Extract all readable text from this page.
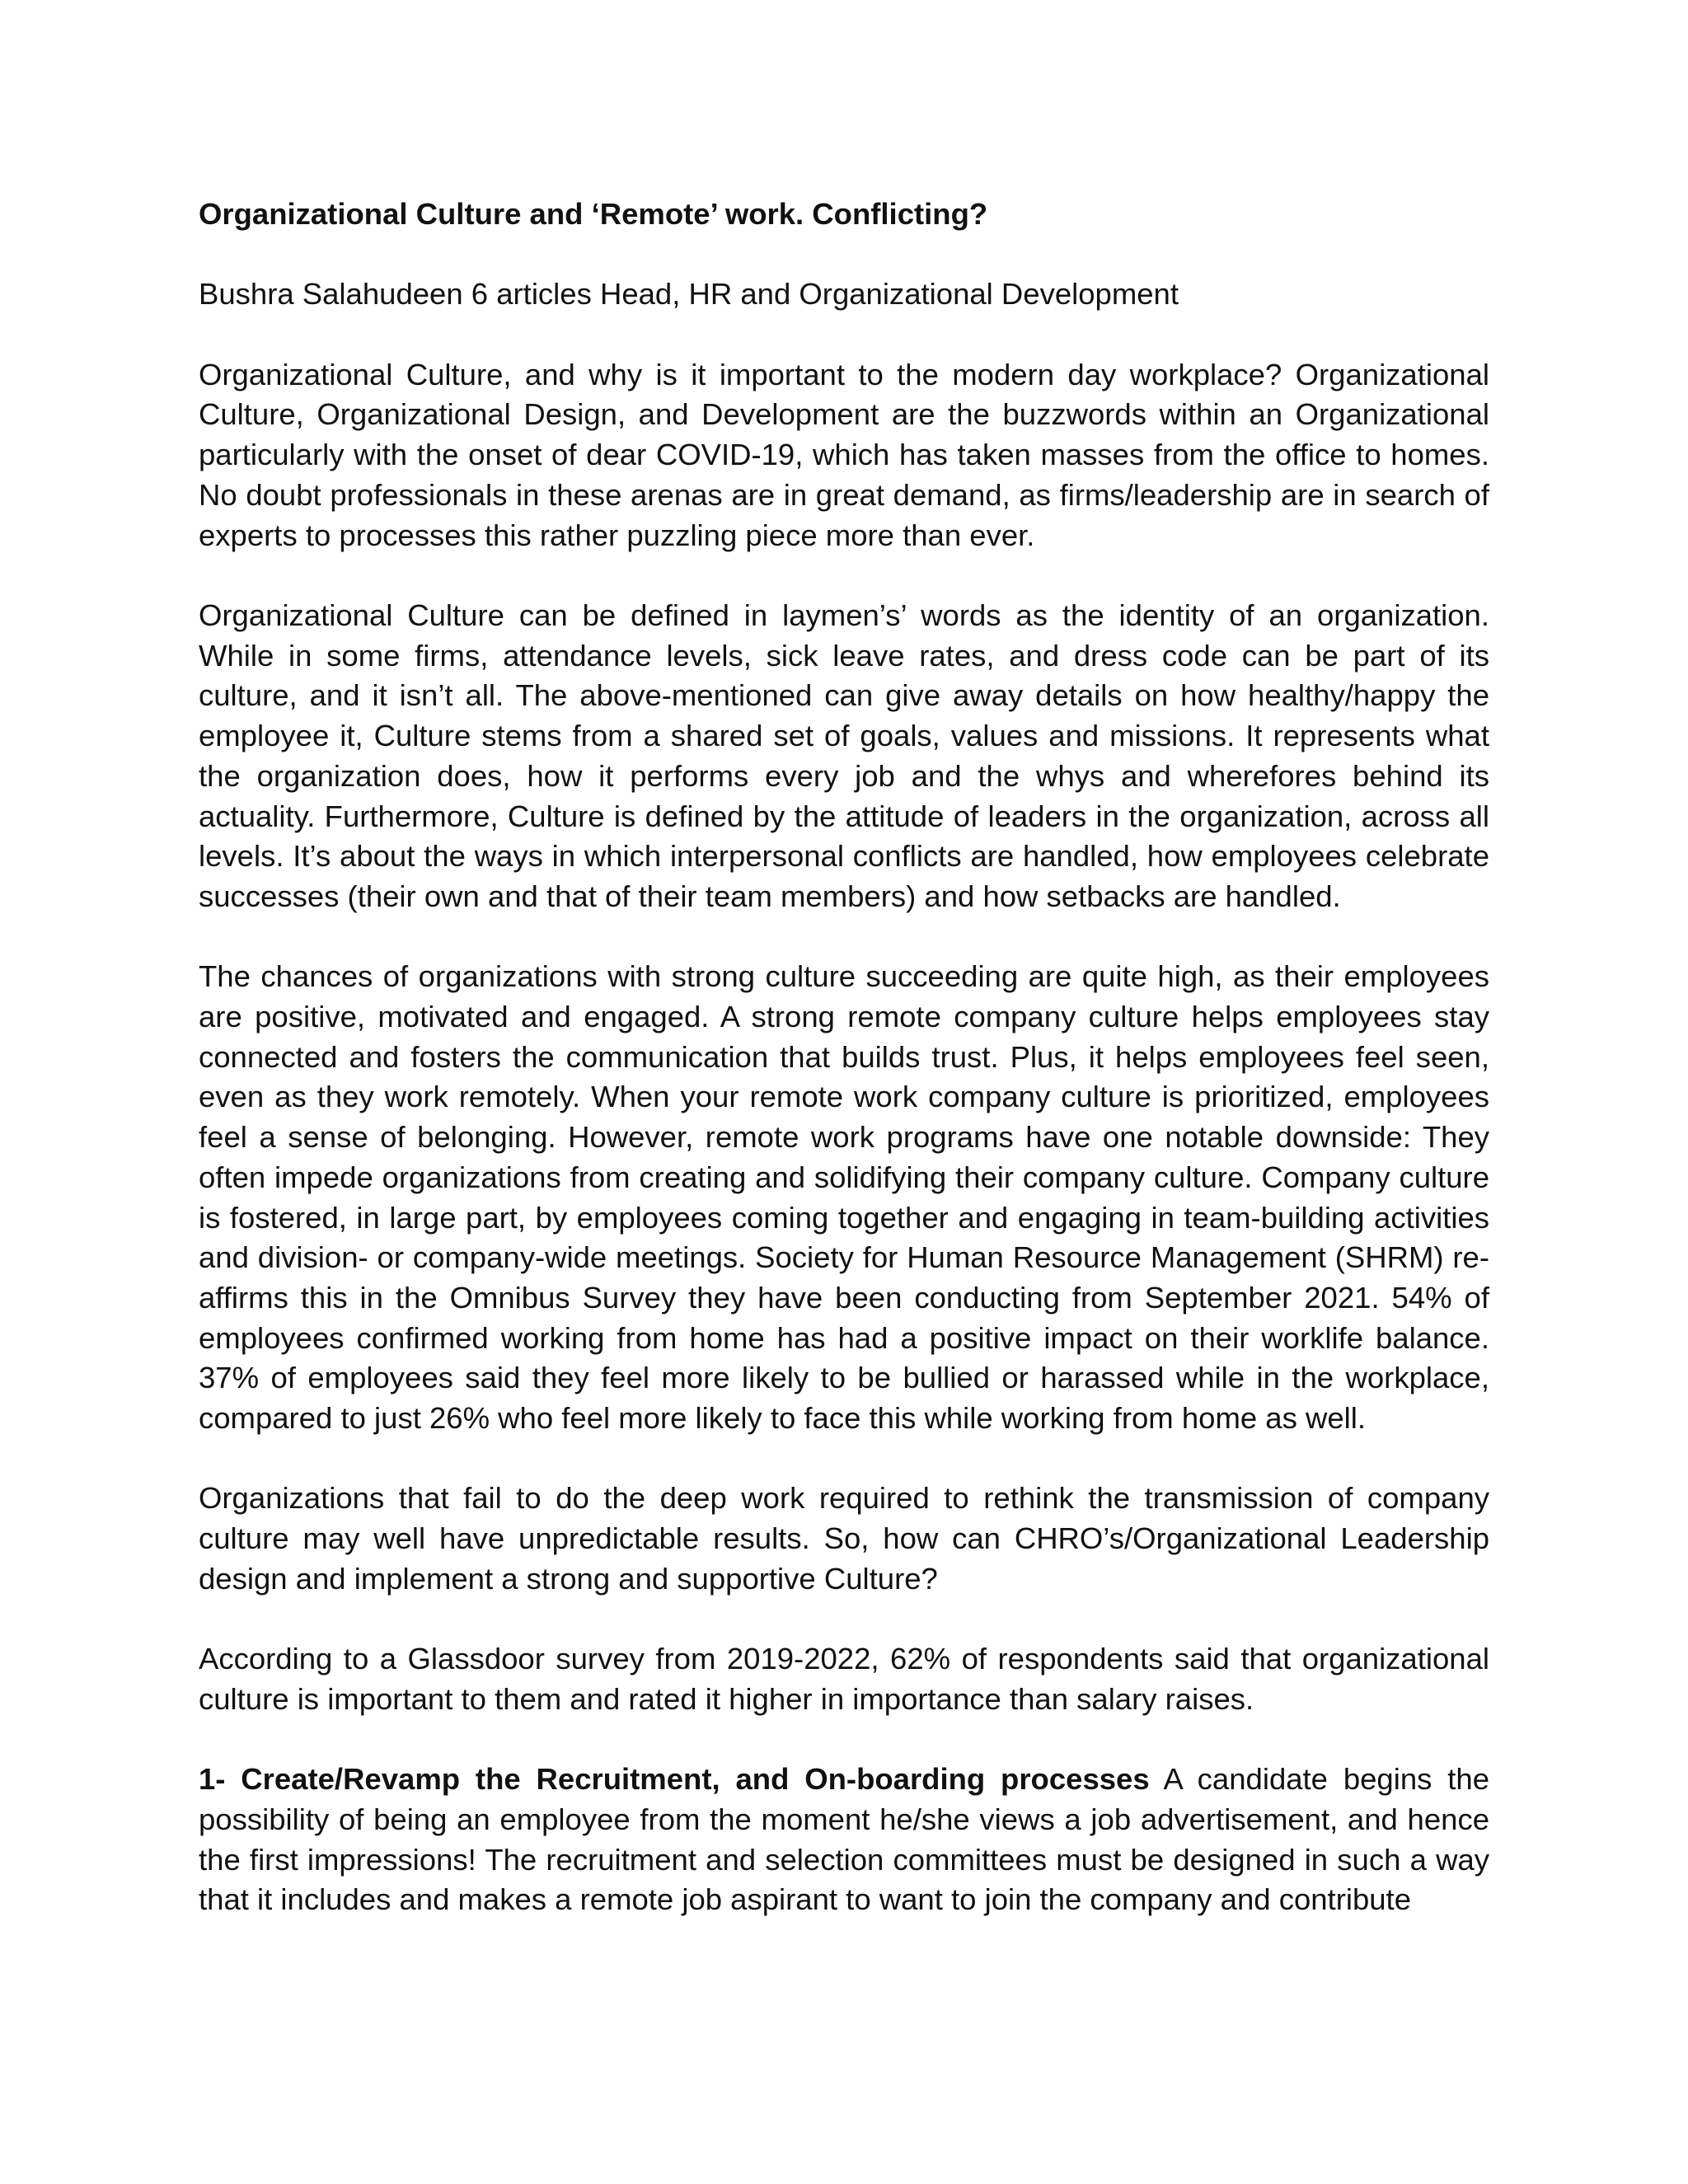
Organizational Culture and ‘Remote’ work. Conflicting?

Bushra Salahudeen 6 articles Head, HR and Organizational Development

Organizational Culture, and why is it important to the modern day workplace? Organizational Culture, Organizational Design, and Development are the buzzwords within an Organizational particularly with the onset of dear COVID-19, which has taken masses from the office to homes. No doubt professionals in these arenas are in great demand, as firms/leadership are in search of experts to processes this rather puzzling piece more than ever.

Organizational Culture can be defined in laymen’s’ words as the identity of an organization. While in some firms, attendance levels, sick leave rates, and dress code can be part of its culture, and it isn’t all. The above-mentioned can give away details on how healthy/happy the employee it, Culture stems from a shared set of goals, values and missions. It represents what the organization does, how it performs every job and the whys and wherefores behind its actuality. Furthermore, Culture is defined by the attitude of leaders in the organization, across all levels. It’s about the ways in which interpersonal conflicts are handled, how employees celebrate successes (their own and that of their team members) and how setbacks are handled.

The chances of organizations with strong culture succeeding are quite high, as their employees are positive, motivated and engaged. A strong remote company culture helps employees stay connected and fosters the communication that builds trust. Plus, it helps employees feel seen, even as they work remotely. When your remote work company culture is prioritized, employees feel a sense of belonging. However, remote work programs have one notable downside: They often impede organizations from creating and solidifying their company culture. Company culture is fostered, in large part, by employees coming together and engaging in team-building activities and division- or company-wide meetings. Society for Human Resource Management (SHRM) re-affirms this in the Omnibus Survey they have been conducting from September 2021. 54% of employees confirmed working from home has had a positive impact on their worklife balance. 37% of employees said they feel more likely to be bullied or harassed while in the workplace, compared to just 26% who feel more likely to face this while working from home as well.

Organizations that fail to do the deep work required to rethink the transmission of company culture may well have unpredictable results. So, how can CHRO’s/Organizational Leadership design and implement a strong and supportive Culture?

According to a Glassdoor survey from 2019-2022, 62% of respondents said that organizational culture is important to them and rated it higher in importance than salary raises.

1- Create/Revamp the Recruitment, and On-boarding processes A candidate begins the possibility of being an employee from the moment he/she views a job advertisement, and hence the first impressions! The recruitment and selection committees must be designed in such a way that it includes and makes a remote job aspirant to want to join the company and contribute
